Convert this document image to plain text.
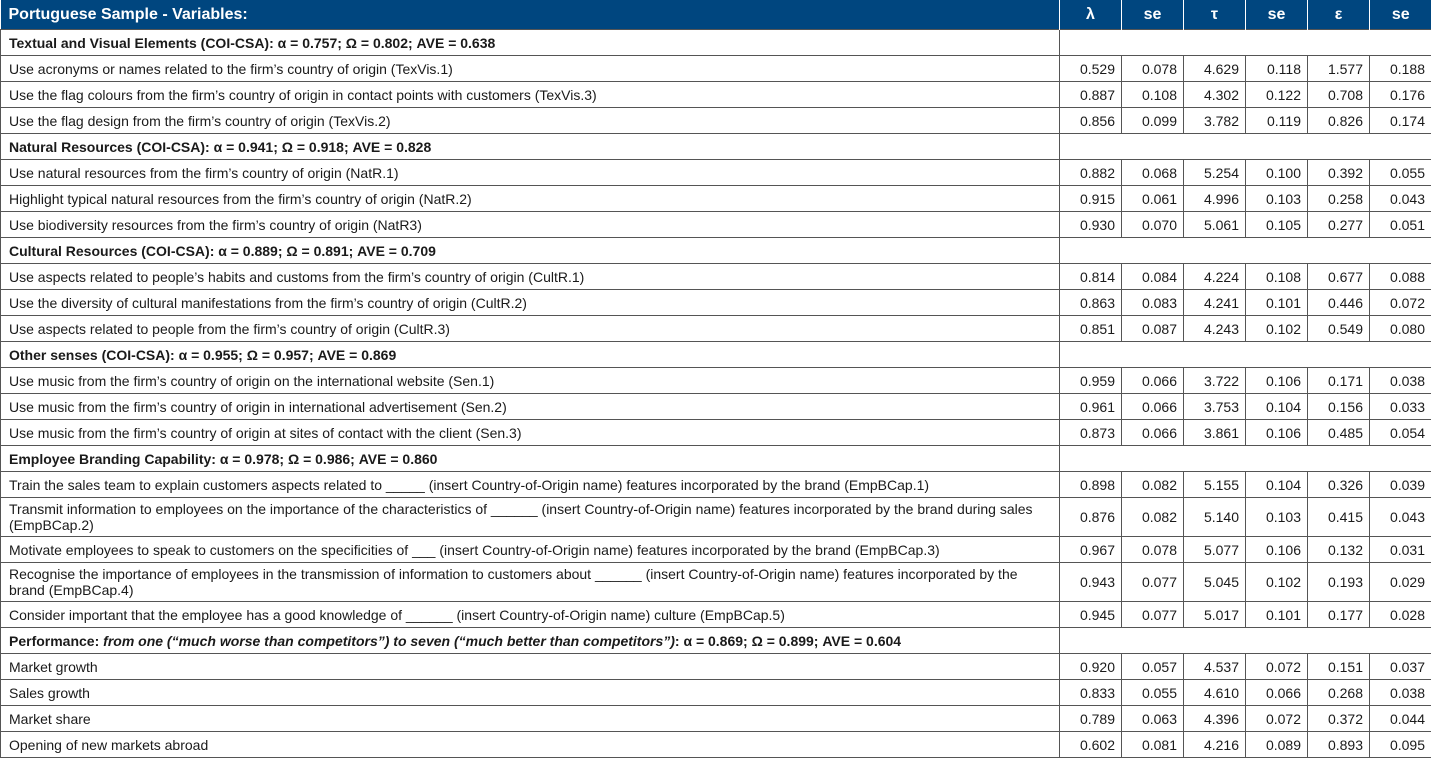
Portuguese Sample - Variables:	λ	se	τ	se	ε	se
Textual and Visual Elements (COI-CSA): α = 0.757; Ω = 0.802; AVE = 0.638						
Use acronyms or names related to the firm’s country of origin (TexVis.1)	0.529	0.078	4.629	0.118	1.577	0.188
Use the flag colours from the firm’s country of origin in contact points with customers (TexVis.3)	0.887	0.108	4.302	0.122	0.708	0.176
Use the flag design from the firm’s country of origin (TexVis.2)	0.856	0.099	3.782	0.119	0.826	0.174
Natural Resources (COI-CSA): α = 0.941; Ω = 0.918; AVE = 0.828						
Use natural resources from the firm’s country of origin (NatR.1)	0.882	0.068	5.254	0.100	0.392	0.055
Highlight typical natural resources from the firm’s country of origin (NatR.2)	0.915	0.061	4.996	0.103	0.258	0.043
Use biodiversity resources from the firm’s country of origin (NatR3)	0.930	0.070	5.061	0.105	0.277	0.051
Cultural Resources (COI-CSA): α = 0.889; Ω = 0.891; AVE = 0.709						
Use aspects related to people’s habits and customs from the firm’s country of origin (CultR.1)	0.814	0.084	4.224	0.108	0.677	0.088
Use the diversity of cultural manifestations from the firm’s country of origin (CultR.2)	0.863	0.083	4.241	0.101	0.446	0.072
Use aspects related to people from the firm’s country of origin (CultR.3)	0.851	0.087	4.243	0.102	0.549	0.080
Other senses (COI-CSA): α = 0.955; Ω = 0.957; AVE = 0.869						
Use music from the firm’s country of origin on the international website (Sen.1)	0.959	0.066	3.722	0.106	0.171	0.038
Use music from the firm’s country of origin in international advertisement (Sen.2)	0.961	0.066	3.753	0.104	0.156	0.033
Use music from the firm’s country of origin at sites of contact with the client (Sen.3)	0.873	0.066	3.861	0.106	0.485	0.054
Employee Branding Capability: α = 0.978; Ω = 0.986; AVE = 0.860						
Train the sales team to explain customers aspects related to _____ (insert Country-of-Origin name) features incorporated by the brand (EmpBCap.1)	0.898	0.082	5.155	0.104	0.326	0.039
Transmit information to employees on the importance of the characteristics of ______ (insert Country-of-Origin name) features incorporated by the brand during sales (EmpBCap.2)	0.876	0.082	5.140	0.103	0.415	0.043
Motivate employees to speak to customers on the specificities of ___ (insert Country-of-Origin name) features incorporated by the brand (EmpBCap.3)	0.967	0.078	5.077	0.106	0.132	0.031
Recognise the importance of employees in the transmission of information to customers about ______ (insert Country-of-Origin name) features incorporated by the brand (EmpBCap.4)	0.943	0.077	5.045	0.102	0.193	0.029
Consider important that the employee has a good knowledge of ______ (insert Country-of-Origin name) culture (EmpBCap.5)	0.945	0.077	5.017	0.101	0.177	0.028
Performance: from one (“much worse than competitors”) to seven (“much better than competitors”): α = 0.869; Ω = 0.899; AVE = 0.604						
Market growth	0.920	0.057	4.537	0.072	0.151	0.037
Sales growth	0.833	0.055	4.610	0.066	0.268	0.038
Market share	0.789	0.063	4.396	0.072	0.372	0.044
Opening of new markets abroad	0.602	0.081	4.216	0.089	0.893	0.095
